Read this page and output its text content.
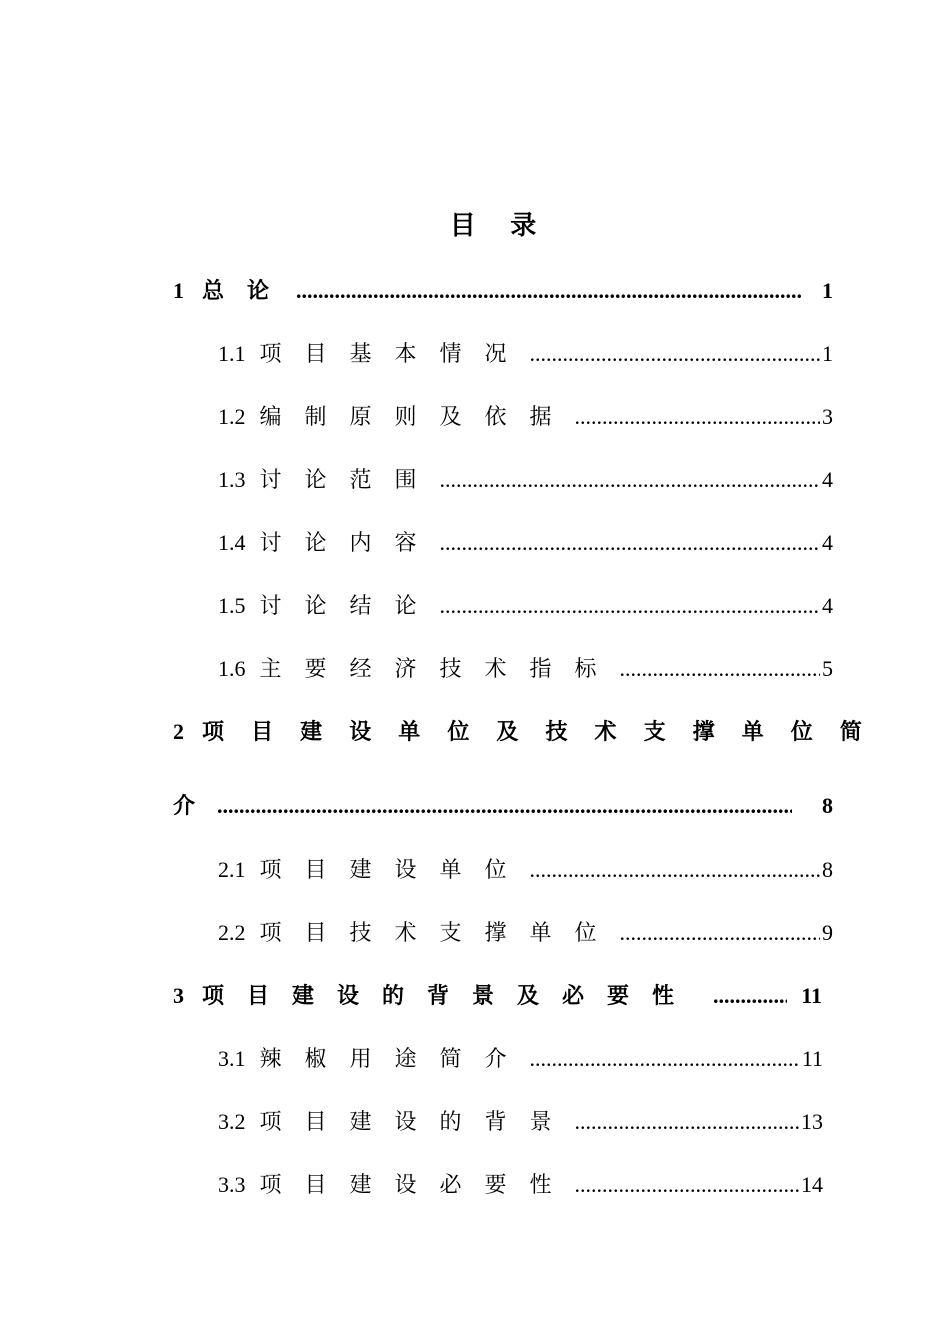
目 录
1 总	论 .....	1
1.1 项	目	基	本	情	况 .....	1
1.2 编	制	原	则	及	依	据 .....	3
1.3 讨	论	范	围 .....	4
1.4 讨	论	内	容 .....	4
1.5 讨	论	结	论 .....	4
1.6 主	要	经	济	技	术	指	标 .....	5
2 项 目 建 设 单 位 及 技 术 支 撑 单 位 简
介 .....	8
2.1 项	目	建	设	单	位 .....	8
2.2 项	目	技	术	支	撑	单	位 .....	9
3 项	目	建	设	的	背	景	及	必	要	性 .....	11
3.1 辣	椒	用	途	简	介 .....	11
3.2 项	目	建	设	的	背	景 .....	13
3.3 项	目	建	设	必	要	性 .....	14
